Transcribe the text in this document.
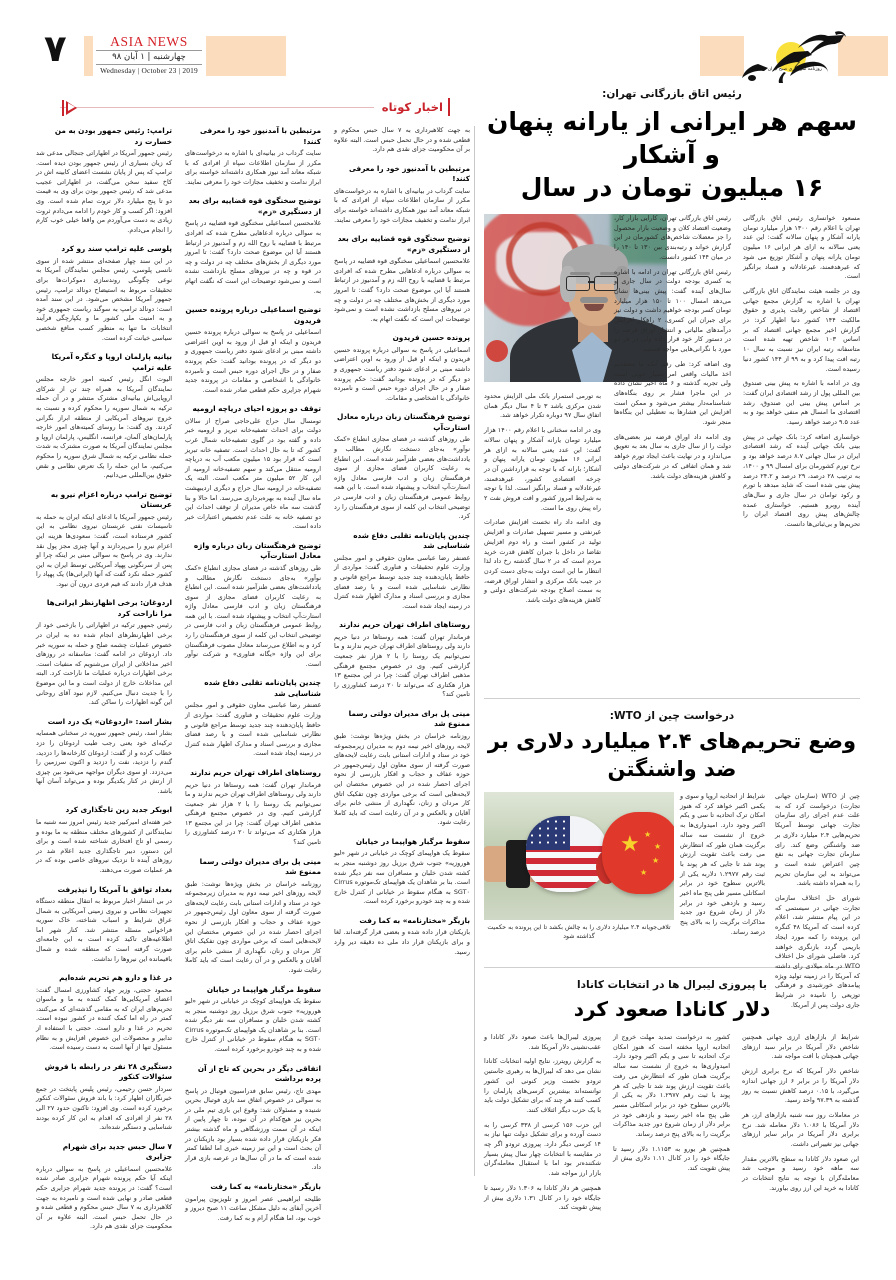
۷	ASIA NEWS
چهارشنبه | ۱ آبان ۹۸
Wednesday | October 23 | 2019	روزنامه سراسری صبح ایران
اخبار کوتاه
ترامپ: رئیس جمهور بودن به من خسارت زد
رئیس جمهور آمریکا در اظهاراتی جنجالی مدعی شد که زیان بسیاری از رئیس جمهور بودن دیده است. ترامپ که پس از پایان نشست اعضای کابینه اش در کاخ سفید سخن می‌گفت، در اظهاراتی عجیب مدعی شد که رئیس جمهور بودن برای وی به قیمت دو تا پنج میلیارد دلار تروت تمام شده است. وی افزود: اگر کسب و کار خودم را ادامه می‌دادم ثروت زیادی به دست می‌آوردم من واقعا خیلی خوب کارم را انجام می‌دادم.
پلوسی علیه ترامپ سند رو کرد
در این سند چهار صفحه‌ای منتشر شده از سوی نانسی پلوسی، رئیس مجلس نمایندگان آمریکا به نوعی چگونگی روندسازی دموکرات‌ها برای تحقیقات مربوط به استیضاح دونالد ترامپ، رئیس جمهور آمریکا مشخص می‌شود. در این سند آمده است: دونالد ترامپ به سوگند ریاست جمهوری خود و به امنیت ملی کشور ما و یکپارچگی فرآیند انتخابات ما تنها به منظور کسب منافع شخصی سیاسی خیانت کرده است.
بیانیه پارلمان اروپا و کنگره آمریکا علیه ترامپ
الیوت انگل رئیس کمیته امور خارجه مجلس نمایندگان آمریکا به همراه چند تن از شرکای اروپایی‌اش بیانیه‌ای مشترک منتشر و در آن حمله ترکیه به شمال سوریه را محکوم کرده و نسبت به خروج نیروهای آمریکایی از منطقه ابراز نگرانی کردند. وی گفت: ما روسای کمیته‌های امور خارجه پارلمان‌های آلمان، فرانسه، انگلیس، پارلمان اروپا و مجلس نمایندگان آمریکا به صورت مشترک به شدت حمله نظامی ترکیه به شمال شرق سوریه را محکوم می‌کنیم، ما این حمله را یک تعرض نظامی و نقض حقوق بین‌المللی می‌دانیم.
توضیح ترامپ درباره اعزام نیرو به عربستان
رئیس جمهور آمریکا با ادعای اینکه ایران به حمله به تاسیسات نفتی عربستان نیروی نظامی به این کشور فرستاده است، گفت: سعودی‌ها هزینه این اعزام نیرو را می‌پردازند و آنها چیزی مجز پول نقد ندارند. وی در پاسخ به سوالی مبنی بر اینکه چرا او پس از سرنگونی پهپاد آمریکایی توسط ایران به این کشور حمله نکرد گفت که آنها (ایرانی‌ها) یک پهپاد را هدف قرار دادند که فیم فردی درون آن نبود.
اردوغان: برخی اظهارنظر ایرانی‌ها مرا ناراحت کرد
رئیس جمهور ترکیه در اظهاراتی را بازخمی خود از برخی اظهارنظرهای انجام شده ده به ایران در خصوص عملیات چشمه صلح و حمله به سوریه خبر داد. اردوغان در ادامه گفت: متاسفانه در روزهای اخیر مداخلاتی از ایران می‌شنویم که منفیات است. برخی اظهارات درباره عملیات ما ناراحت کرد. البته این مداخلات خارج از دولت است و ما این موضوع را با جدیت دنبال می‌کنیم. لازم نبود آقای روحانی این گونه اظهارات را ساکن کند.
بشار اسد: «اردوغان» یک دزد است
بشار اسد، رئیس جمهور سوریه در سخنانی همسایه ترکیه‌ای خود یعنی رجب طیب اردوغان را دزد خطاب کرده و از گفت: اردوغان کارخانه‌ها را دزدید، گندم را دزدید، نفت را دزدید و اکنون سرزمین را می‌دزدد. او سوی دیگران مواجهه می‌شود بین چیزی از ارتش در کنار یکدیگر بوده و می‌تواند آسان آنها باشد.
ابوبکر جدید زین تاجگذاری کرد
خبر هفته‌ای امیرکبیر جدید رئیس امروز سه شنبه ما نمایندگانی از کشورهای مختلف منطقه به ما بوده و رسمی او تاج افتخاری شناخته شده است و برای این دستور، دبیر تاجگذاری جدید اعلام شد در روزهای آینده تا نزدیک نیروهای خاصی بوده که در هر عملیات صورت می‌دهند.
بغداد توافق با آمریکا را نپذیرفت
در بی انتشار اخبار مربوط به انتقال منطقه دستگاه تجهیزات نظامی و نیروی زمینی آمریکایی به شمال عراق شرایط و اسباب شناخته، خاک سوریه فراخوانی مسئله منتشر شد. کنار شهر اما اطلاعیه‌های تاکید کرده است به این جامعه‌ای صورت گرفته است که منطقه شده و شمال باقیمانده این نیروها را نداشت.
در غذا و دارو هم تحریم شده‌ایم
محمود حجتی، وزیر جهاد کشاورزی امسال گفت: اعضای آمریکایی‌ها کمک کننده به ما و ماسوان تحریم‌های ایران که به مقامی گذشته‌ای که می‌کنند، کمتر در راه اما کمک کننده در کشور نبوده است. تحریم در غذا و دارو است. حجتی با استفاده از تدابیر و محصولات این خصوص افزایش و به نظام مسئول تنها از آنها است به دست رسیده است.
دستگیری ۲۸ نفر در رابطه با فروش سئوالات کنکور
سردار حسن رحیمی، رئیس پلیس پایتخت در جمع خبرنگاران اظهار کرد: با باند فروش سئوالات کنکور برخورد کرده است. وی افزود: تاکنون حدود ۲۷ الی ۲۸ نفر از افرادی که اقدام به این کار کرده بودند شناسایی و دستگیر شده‌اند.
۷ سال حبس جدید برای شهرام جزایری
غلامحسین اسماعیلی در پاسخ به سوالی درباره اینکه آیا حکم پرونده شهرام جزایری صادر شده است؟ گفت: در پرونده جدید شهرام جزایری حکم قطعی صادر و نهایی شده است و نامبرده به جهت کلاهبرداری به ۷ سال حبس محکوم و قطعی شده و در حال تحمل حبس است. البته علاوه بر آن محکومیت جزای نقدی هم دارد.
مرتبطین با آمدنیوز خود را معرفی کنند!
سایت گرداب در بیانیه‌ای با اشاره به درخواست‌های مکرر از سازمان اطلاعات سپاه از افرادی که با شبکه معاند آمد نیوز همکاری داشته‌اند خواسته برای ابراز ندامت و تخفیف مجازات خود را معرفی نمایند.
توضیح سخنگوی قوه قضاییه برای بعد از دستگیری «زم»
غلامحسین اسماعیلی سخنگوی قوه قضاییه در پاسخ به سوالی درباره ادعاهایی مطرح شده که افرادی مرتبط با قضاییه با روح الله زم و آمدنیوز در ارتباط هستند آیا این موضوع صحت دارد؟ گفت: تا امروز مورد دیگری از بخش‌های مختلف چه در دولت و چه در قوه و چه در نیروهای مسلح بازداشت نشده است و نمی‌شود توضیحات این است که نگفت اتهام به.
توضیح اسماعیلی درباره پرونده حسین فریدون
اسماعیلی در پاسخ به سوالی درباره پرونده حسین فریدون و اینکه او قبل از ورود به اوین اعتراضی داشته مبنی بر ادعای شنود دفتر ریاست جمهوری و دو دیگر که در پرونده بودانید گفت: حکم پرونده صفار و در حال اجرای دوره حبس است و نامبرده خانوادگی با اشخاصی و مقامات در پرونده جدید شهرام جزایری حکم قطعی صادر شده است.
توقف دو پروژه احیای دریاچه ارومیه
تومسال سال حراج علی‌حاجی صراح از سالان دولت برای احداث تصفیه‌خانه تبریز و ارومیه خبر داده و گفته بود در گلوی تصفیه‌خانه شمال غرب کشور که تا به حال احداث است. تصفیه خانه تبریز است که قرار بود ۱۵ میلیون مکعب آب به دریاچه ارومیه منتقل می‌کند و سهم تصفیه‌خانه ارومیه از این کار ۵۲ میلیون متر مکعب است. البته یک تصفیه‌خانه در ارومیه سال حراج و دیگری اردیبهشت ماه سال آینده به بهره‌برداری می‌رسد. اما حالا و بنا گذشت سه ماه خاص مدیران از توقف احداث این دو تصفیه خانه به علت عدم تخصیص اعتبارات خبر داده است.
توضیح فرهنگستان زبان درباره واژه معادل استارت‌آپ
طی روزهای گذشته در فضای مجازی انطباع «کمک نوآور» به‌جای دستخت نگارش مطالب و یادداشت‌های بعضی طنزآمیز شده است. این انطباع به رعایت کاربران فضای مجازی از سوی فرهنگستان زبان و ادب فارسی معادل واژه استارت‌آپ انتخاب و پیشنهاد شده است. با این همه روابط عمومی فرهنگستان زبان و ادب فارسی در توضیحی انتخاب این کلمه از سوی فرهنگستان را رد کرد و به اطلاع می‌رساند معادل مصوب فرهنگستان برای این واژه «یگانه فناوری» و شرکت نوآور است.
چندین پایان‌نامه تقلبی دفاع شده شناسایی شد
غضنفر رضا عباسی معاون حقوقی و امور مجلس وزارت علوم تحقیقات و فناوری گفت: مواردی از حافظ پایان‌دهنده چند جدید توسط مراجع قانونی و نظارتی شناسایی شده است و با رصد فضای مجازی و بررسی اسناد و مدارک اظهار شده کنترل در زمینه ایجاد شده است.
روستاهای اطراف تهران حریم ندارند
فرماندار تهران گفت: همه روستاها در دنیا حریم دارند ولی روستاهای اطراف تهران حریم ندارند و ما نمی‌توانیم یک روستا را با ۲ هزار نفر جمعیت گزارشی کنیم. وی در خصوص مجتمع فرهنگی مذهبی اطراف تهران گفت: چرا در این مجتمع ۱۳ هزار هکتاری که می‌تواند تا ۲۰ درصد کشاورزی را تامین کند؟
مینی پل برای مدیران دولتی رسما ممنوع شد
روزنامه خراسان در بخش ویژه‌ها نوشت: طبق لایحه روزهای اخیر نیمه دوم به مدیران زیرمجموعه خود در ستاد و ادارات استانی بابت رعایت لایحه‌های صورت گرفته از سوی معاون اول رئیس‌جمهور در حوزه عفاف و حجاب و افکار بازرسی از نحوه اجرای احصار شده در این خصوص مختصان این لایحه‌هایی است که برخی مواردی چون تفکیک اتاق کار مردان و زنان، نگهداری از منشی خانم برای آقایان و بالعکس و در آن رعایت است که باید کاملا رعایت شود.
سقوط مرگبار هواپیما در خیابان
سقوط یک هواپیمای کوچک در خیابانی در شهر «لیو هوروزیه» جنوب شرق برزیل روز دوشنبه منجر به کشته شدن خلبان و مسافران سه نفر دیگر شده است. بنا بر شاهدان یک هواپیمای تک‌موتوره Cirrus SGT۰ به هنگام سقوط در خیابانی از کنترل خارج شده و به چند خودرو برخورد کرده است.
اتفاقی دیگر در بحرین که تاج از آن پرده برداشت
مهدی تاج، رئیس سابق فدراسیون فوتبال در پاسخ به سوالی در خصوص اتفاق سد بازی فوتبال بحرین شنیده و مسئولان شد: وقوع این بازی تیم ملی در بحرین نیز هیچ‌کدام در آن نبوده، تا چهار پایین از اینکه در آن سمت ورزشگاهی و ماه گذشته بیشتر فکر بازیکنان قرار داده شده بسیار بود بازیکنان در آن بحث است و این نیز زمینه خبری اما لطفا کمتر شده است که ما در آن سال‌ها در عرصه بازی قرار داد.
بازیگر «مختارنامه» به کما رفت
طلیحه ابراهیمی عصر امروز و تلویزیون پیرامون آخرین آبفای به دلیل مشکل ساعت ۱۱ صبح دیروز و خوب بود، اما هنگام آرام و به کما رفت.
به جهت کلاهبرداری به ۷ سال حبس محکوم و قطعی شده و در حال تحمل حبس است. البته علاوه بر آن محکومیت جزای نقدی هم دارد.
مرتبطین با آمدنیوز خود را معرفی کنند!
سایت گرداب در بیانیه‌ای با اشاره به درخواست‌های مکرر از سازمان اطلاعات سپاه از افرادی که با شبکه معاند آمد نیوز همکاری داشته‌اند خواسته برای ابراز ندامت و تخفیف مجازات خود را معرفی نمایند.
توضیح سخنگوی قوه قضاییه برای بعد از دستگیری «زم»
غلامحسین اسماعیلی سخنگوی قوه قضاییه در پاسخ به سوالی درباره ادعاهایی مطرح شده که افرادی مرتبط با قضاییه با روح الله زم و آمدنیوز در ارتباط هستند آیا این موضوع صحت دارد؟ گفت: تا امروز مورد دیگری از بخش‌های مختلف چه در دولت و چه در نیروهای مسلح بازداشت نشده است و نمی‌شود توضیحات این است که نگفت اتهام به.
پرونده حسین فریدون
اسماعیلی در پاسخ به سوالی درباره پرونده حسین فریدون و اینکه او قبل از ورود به اوین اعتراضی داشته مبنی بر ادعای شنود دفتر ریاست جمهوری و دو دیگر که در پرونده بودانید گفت: حکم پرونده صفار و در حال اجرای دوره حبس است و نامبرده خانوادگی با اشخاصی و مقامات.
توضیح فرهنگستان زبان درباره معادل استارت‌آپ
طی روزهای گذشته در فضای مجازی انطباع «کمک نوآور» به‌جای دستخت نگارش مطالب و یادداشت‌های بعضی طنزآمیز شده است. این انطباع به رعایت کاربران فضای مجازی از سوی فرهنگستان زبان و ادب فارسی معادل واژه استارت‌آپ انتخاب و پیشنهاد شده است. با این همه روابط عمومی فرهنگستان زبان و ادب فارسی در توضیحی انتخاب این کلمه از سوی فرهنگستان را رد کرد.
چندین پایان‌نامه تقلبی دفاع شده شناسایی شد
غضنفر رضا عباسی معاون حقوقی و امور مجلس وزارت علوم تحقیقات و فناوری گفت: مواردی از حافظ پایان‌دهنده چند جدید توسط مراجع قانونی و نظارتی شناسایی شده است و با رصد فضای مجازی و بررسی اسناد و مدارک اظهار شده کنترل در زمینه ایجاد شده است.
روستاهای اطراف تهران حریم ندارند
فرماندار تهران گفت: همه روستاها در دنیا حریم دارند ولی روستاهای اطراف تهران حریم ندارند و ما نمی‌توانیم یک روستا را با ۲ هزار نفر جمعیت گزارشی کنیم. وی در خصوص مجتمع فرهنگی مذهبی اطراف تهران گفت: چرا در این مجتمع ۱۳ هزار هکتاری که می‌تواند تا ۲۰ درصد کشاورزی را تامین کند؟
مینی پل برای مدیران دولتی رسما ممنوع شد
روزنامه خراسان در بخش ویژه‌ها نوشت: طبق لایحه روزهای اخیر نیمه دوم به مدیران زیرمجموعه خود در ستاد و ادارات استانی بابت رعایت لایحه‌های صورت گرفته از سوی معاون اول رئیس‌جمهور در حوزه عفاف و حجاب و افکار بازرسی از نحوه اجرای احصار شده در این خصوص مختصان این لایحه‌هایی است که برخی مواردی چون تفکیک اتاق کار مردان و زنان، نگهداری از منشی خانم برای آقایان و بالعکس و در آن رعایت است که باید کاملا رعایت شود.
سقوط مرگبار هواپیما در خیابان
سقوط یک هواپیمای کوچک در خیابانی در شهر «لیو هوروزیه» جنوب شرق برزیل روز دوشنبه منجر به کشته شدن خلبان و مسافران سه نفر دیگر شده است. بنا بر شاهدان یک هواپیمای تک‌موتوره Cirrus SGT۰ به هنگام سقوط در خیابانی از کنترل خارج شده و به چند خودرو برخورد کرده است.
بازیگر «مختارنامه» به کما رفت
بازیکنان قرار داده شده و بعضی قرار گرفته‌اند. لغا و برای بازیکنان قرار داد ملی ده دقیقه دیر وارد رسید.
رئیس اتاق بازرگانی تهران:
سهم هر ایرانی از یارانه پنهان و آشکار
۱۶ میلیون تومان در سال

مسعود خوانساری رئیس اتاق بازرگانی تهران با اعلام رقم ۱۳۰۰ هزار میلیارد تومان یارانه آشکار و پنهان سالانه گفت: این عدد یعنی سالانه به ازای هر ایرانی ۱۶ میلیون تومان یارانه پنهان و آشکار توزیع می شود که غیرهدفمند، غیرعادلانه و فساد برانگیز است.

وی در جلسه هیئت نمایندگان اتاق بازرگانی تهران با اشاره به گزارش مجمع جهانی اقتصاد از شاخص رقابت پذیری و حقوق مالکیت ۱۴۴ کشور دنیا اظهار کرد: در گزارش اخیر مجمع جهانی اقتصاد که بر اساس ۱۰۳ شاخص تهیه شده است متاسفانه رتبه ایران نیز نسبت به سال ۱۰ رتبه افت پیدا کرد و به ۹۹ از ۱۴۴ کشور دنیا رسیده است.

وی در ادامه با اشاره به پیش بینی صندوق بین المللی پول از رشد اقتصادی ایران گفت: بر اساس پیش بینی این صندوق، رشد اقتصادی ما امسال هم منفی خواهد بود و به عدد ۹.۵ درصد خواهد رسید.

خوانساری اضافه کرد: بانک جهانی در پیش بینی بانک جهانی آینده که رشد اقتصادی ایران در سال جهانی ۸.۷ درصد خواهد بود و نرخ تورم کشورمان برای امسال ۹۹ و ۱۴۰۰، به ترتیب ۲۸ درصد، ۲۹ درصد و ۲۴.۲ درصد پیش بینی شده است که شاید مبدهد با تورم و رکود توامان در سال جاری و سال‌های آینده روبرو هستیم. خواستاری عمده چالش‌های پیش روی اقتصاد ایران را تحریم‌ها و بی‌ثباتی‌ها دانست.

رئیس اتاق بازرگانی تهران، کارایی بازار کار، وضعیت اقتصاد کلان و وضعیت بازار محصول را جز معضلات شاخص‌های کشورمان در این گزارش خواند و رتبه‌بندی بین ۱۳۰ تا ۱۴۰ را در میان ۱۴۴ کشور دانست.

رئیس اتاق بازرگانی تهران در ادامه با اشاره به کسری بودجه دولت در سال جاری و سال‌های آینده گفت: پیش بینی‌ها نشان می‌دهد امسال ۱۰۰ تا ۱۵۰ هزار میلیارد تومان کسر بودجه خواهیم داشت و دولت نیز برای جبران این کسری، ۲ راهکار افزایش درآمدهای مالیاتی و انتشار اوراق قرضه را در دستور کار خود قرار داده ولی در هر دو مورد با نگرانی‌هایی مواجه هستیم.

وی اضافه کرد: طی رقم آنکه ما معتقدیم اخذ مالیات واقعی امر بسیار خوبی است ولی تجربه گذشته و ۶ ماه اخیر نشان داده در این ماجرا فشار بر روی بنگاه‌های شناسنامه‌دار بیشتر می‌شود و ممکن است افزایش این فشارها به تعطیلی این بنگاه‌ها منجر شود.

وی ادامه داد اوراق قرضه نیز بعضی‌های دولت را از سال جاری به سال بعد به تعویق می‌اندازد و در نهایت باعث ایجاد تورم خواهد شد و همان اتفاقی که در شرکت‌های دولتی و کاهش هزینه‌های دولت باشد.

به تورمی استمرار بانک ملی الزایش محدود شدن مرکزی باشد ۳ تا ۴ سال دیگر همان اتفاق سال ۹۷ دوباره تکرار خواهد شد.

وی در ادامه سخنانی با اعلام رقم ۱۴۰۰ هزار میلیارد تومان یارانه آشکار و پنهان سالانه گفت: این عدد یعنی سالانه به ازای هر ایرانی ۱۶ میلیون تومان یارانه پنهان و آشکار؛ بارانه که با توجه به قرارداشتن آن در چرخه اقتصادی کشور، غیرهدفمند، غیرعادلانه و فساد برانگیز است. لذا با توجه به شرایط امروز کشور و افت فروش نفت ۲ راه پیش روی ما است.

وی ادامه داد راه نخست افزایش صادرات غیرنفتی و مسیر تسهیل صادرات و افزایش تولید در کشور است و راه دوم افزایش تقاضا در داخل با جبران کاهش قدرت خرید مردم است که در ۲ سال گذشته رخ داد لذا انتظار ما این است دولت به‌جای دست کردن در جیب بانک مرکزی و انتشار اوراق قرضه، به سمت اصلاح بودجه شرکت‌های دولتی و کاهش هزینه‌های دولت باشد.

درخواست چین از WTO:
وضع تحریم‌های ۲.۴ میلیارد دلاری بر ضد واشنگتن
★ ★
★
★
★
تلافی‌جویانه ۲.۴ میلیارد دلاری را به چالش بکشد تا این پرونده به حکمیت گذاشته شود

چین از WTO (سازمان جهانی تجارت) درخواست کرد که به علت عدم اجرای رای سازمان تجارت جهانی توسط آمریکا تحریم‌هایی ۲.۴ میلیارد دلاری بر ضد واشنگتن وضع کند. رای سازمان تجارت جهانی به نفع چین اعتراض شده است و می‌تواند به این سازمان تحریم را به همراه داشته باشد.

شورای حل اختلاف سازمان تجارت جهانی در سیستمی که در این پیام منتشر شد، اعلام کرده است که آمریکا ۴۸ کنگره این پرونده را کمه مورد ایجاد باریمی گردد بازنگری خواهند کرد. فاضلی شورای حل اختلاف WTO در ماه میلادی رای داشته که آمریکا را در زمینه تولید ویژه پیامدهای خورشیدی و فرهنگی توزیعی را نامیده در شرایط جاری دولت پس از آمریکا.

شرایط از اتحادیه اروپا و سوی و یکمی اکتبر خواهد کرد که هنوز امکان ترک اتحادیه تا سی و یکم اکتبر وجود دارد. امیدواری‌ها به خروج از نشست سه ساله برگزیت همان طور که انتظارش می رفت باعث تقویت ارزش پوند شد تا جایی که هر پوند با ثبت رقم ۱.۲۹۷۷ دلاربه یکی از بالاترین سطوح خود در برابر اسکاتلی مسیر طی پنج ماه اخیر رسید و بازدهی خود در برابر دلار از زمان شروع دور جدید مذاکرات برگزیت را به بالای پنج درصد رساند.

با پیروزی لیبرال ها در انتخابات کانادا
دلار کانادا صعود کرد

پیروزی لیبرال‌ها باعث صعود دلار کانادا و عقب‌نشینی دلار آمریکا شد.

به گزارش رویترز، نتایج اولیه انتخابات کانادا نشان می دهد که لیبرال‌ها به رهبری جاستین ترودو نخست وزیر کنونی این کشور توانسته‌اند بیشترین کرسی‌های پارلمان را کسب کنند هر چند که برای تشکیل دولت باید با یک حزب دیگر ائتلاف کنند.

این حزب ۱۵۶ کرسی از ۳۳۸ کرسی را به دست آورده و برای تشکیل دولت تنها نیاز به ۱۴ کرسی دیگر دارد. پیروزی ترودو اگر چه در مقایسه با انتخابات چهار سال پیش بسیار شکننده‌تر بود اما با استقبال معامله‌گران بازار ارز مواجه شد.

همچنین هر دلار کانادا به ۱.۳۰۶ دلار رسید تا جایگاه خود را در کانال ۱.۳۱ دلاری بیش از پیش تقویت کند.

کشور به درخواست تمدید مهلت خروج از اتحادیه اروپا مخفته است که هنوز امکان ترک اتحادیه تا سی و یکم اکتبر وجود دارد. امیدواری‌ها به خروج از نشست سه ساله برگزیت همان طور که انتظارش می رفت باعث تقویت ارزش پوند شد تا جایی که هر پوند با ثبت رقم ۱.۲۹۷۷ دلار به یکی از بالاترین سطوح خود در برابر اسکاتلی مسیر طی پنج ماه اخیر رسید و بازدهی خود در برابر دلار از زمان شروع دور جدید مذاکرات برگزیت را به بالای پنج درصد رساند.

همچنین هر یورو به ۱.۱۱۵۳ دلار رسید تا جایگاه خود را در کانال ۱.۱۱ دلاری بیش از پیش تقویت کند.

شرایط از بازارهای ارزی جهانی همچنین شاخص دلار آمریکا در برابر سبد ارزهای جهانی همچنان با افت مواجه شد.

شاخص دلار آمریکا که نرخ برابری ارزش دلار آمریکا را در برابر ۶ ارز جهانی اندازه می‌گیرد، با ۰.۱۵ درصد کاهش نسبت به روز گذشته به ۹۷.۳۹ واحد رسید.

در معاملات روز سه شنبه بازارهای ارز، هر دلار آمریکا با ۱.۰۸۶ دلار معامله شد. نرخ برابری دلار آمریکا در برابر سایر ارزهای جهانی نیز تغییراتی داشت.

این صعود دلار کانادا به سطح بالاترین مقدار سه ماهه خود رسید و موجب شد معامله‌گران با توجه به نتایج انتخابات در کانادا به خرید این ارز روی بیاورند.
